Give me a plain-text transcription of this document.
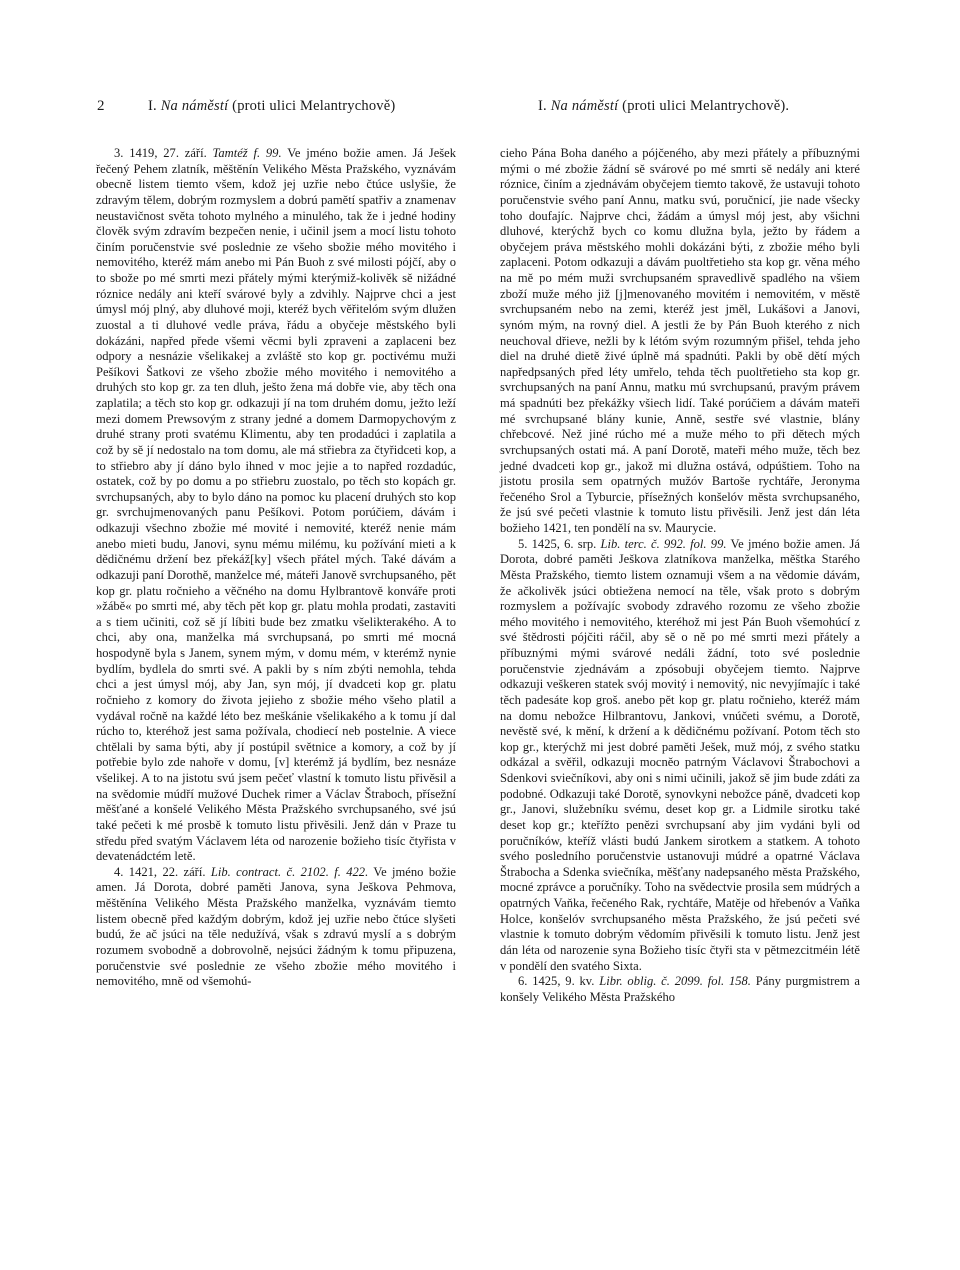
2	I. Na náměstí (proti ulici Melantrychově)	I. Na náměstí (proti ulici Melantrychově).

3. 1419, 27. září. Tamtéž f. 99. Ve jméno božie amen. Já Ješek řečený Pehem zlatník, měštěnín Velikého Města Pražského, vyznávám obecně listem tiemto všem, kdož jej uzřie nebo čtúce uslyšie, že zdravým tělem, dobrým rozmyslem a dobrú pamětí spatřiv a znamenav neustavičnost světa tohoto mylného a minulého, tak že i jedné hodiny člověk svým zdravím bezpečen nenie, i učinil jsem a mocí listu tohoto činím poručenstvie své poslednie ze všeho sbožie mého movitého i nemovitého, kteréž mám anebo mi Pán Buoh z své milosti pójčí, aby o to sbože po mé smrti mezi přátely mými kterýmiž-kolivěk sě nižádné róznice nedály ani kteří svárové byly a zdvihly. Najprve chci a jest úmysl mój plný, aby dluhové moji, kteréž bych věřitelóm svým dlužen zuostal a ti dluhové vedle práva, řádu a obyčeje městského byli dokázáni, napřed přede všemi věcmi byli zpraveni a zaplaceni bez odpory a nesnázie všelikakej a zvláště sto kop gr. poctivému muži Pešíkovi Šatkovi ze všeho zbožie mého movitého i nemovitého a druhých sto kop gr. za ten dluh, ješto žena má dobře vie, aby těch ona zaplatila; a těch sto kop gr. odkazuji jí na tom druhém domu, ježto leží mezi domem Prewsovým z strany jedné a domem Darmopychovým z druhé strany proti svatému Klimentu, aby ten prodadúci i zaplatila a což by sě jí nedostalo na tom domu, ale má střiebra za čtyřidceti kop, a to střiebro aby jí dáno bylo ihned v moc jejie a to napřed rozdadúc, ostatek, což by po domu a po střiebru zuostalo, po těch sto kopách gr. svrchupsaných, aby to bylo dáno na pomoc ku placení druhých sto kop gr. svrchujmenovaných panu Pešíkovi. Potom porúčiem, dávám i odkazuji všechno zbožie mé movité i nemovité, kteréž nenie mám anebo mieti budu, Janovi, synu mému milému, ku požívání mieti a k dědičnému držení bez překáž[ky] všech přátel mých. Také dávám a odkazuji paní Dorothě, manželce mé, máteři Janově svrchupsaného, pět kop gr. platu ročnieho a věčného na domu Hylbrantově konváře proti »žábě« po smrti mé, aby těch pět kop gr. platu mohla prodati, zastaviti a s tiem učiniti, což sě jí líbiti bude bez zmatku všelikterakého. A to chci, aby ona, manželka má svrchupsaná, po smrti mé mocná hospodyně byla s Janem, synem mým, v domu mém, v kterémž nynie bydlím, bydlela do smrti své. A pakli by s ním zbýti nemohla, tehda chci a jest úmysl mój, aby Jan, syn mój, jí dvadceti kop gr. platu ročnieho z komory do života jejieho z sbožie mého všeho platil a vydával ročně na každé léto bez meškánie všelikakého a k tomu jí dal rúcho to, kteréhož jest sama požívala, chodiecí neb postelnie. A viece chtělali by sama býti, aby jí postúpil světnice a komory, a což by jí potřebie bylo zde nahoře v domu, [v] kterémž já bydlím, bez nesnáze všelikej. A to na jistotu svú jsem pečeť vlastní k tomuto listu přivěsil a na svědomie múdří mužové Duchek rimer a Václav Štraboch, přísežní měšťané a konšelé Velikého Města Pražského svrchupsaného, své jsú také pečeti k mé prosbě k tomuto listu přivěsili. Jenž dán v Praze tu středu před svatým Václavem léta od narozenie božieho tisíc čtyřista v devatenádctém letě.

4. 1421, 22. září. Lib. contract. č. 2102. f. 422. Ve jméno božie amen. Já Dorota, dobré paměti Janova, syna Ješkova Pehmova, měštěnína Velikého Města Pražského manželka, vyznávám tiemto listem obecně před každým dobrým, kdož jej uzřie nebo čtúce slyšeti budú, že ač jsúci na těle nedužívá, však s zdravú myslí a s dobrým rozumem svobodně a dobrovolně, nejsúci žádným k tomu připuzena, poručenstvie své poslednie ze všeho zbožie mého movitého i nemovitého, mně od všemohú-

cieho Pána Boha daného a pójčeného, aby mezi přátely a příbuznými mými o mé zbožie žádní sě svárové po mé smrti sě nedály ani které róznice, činím a zjednávám obyčejem tiemto takově, že ustavuji tohoto poručenstvie svého paní Annu, matku svú, poručnicí, jie nade všecky toho doufajíc. Najprve chci, žádám a úmysl mój jest, aby všichni dluhové, kterýchž bych co komu dlužna byla, ježto by řádem a obyčejem práva městského mohli dokázáni býti, z zbožie mého byli zaplaceni. Potom odkazuji a dávám puoltřetieho sta kop gr. věna mého na mě po mém muži svrchupsaném spravedlivě spadlého na všiem zboží muže mého již [j]menovaného movitém i nemovitém, v městě svrchupsaném nebo na zemi, kteréž jest jměl, Lukášovi a Janovi, synóm mým, na rovný diel. A jestli že by Pán Buoh kterého z nich neuchoval dřieve, nežli by k létóm svým rozumným přišel, tehda jeho diel na druhé dietě živé úplně má spadnúti. Pakli by obě dětí mých napředpsaných před léty umřelo, tehda těch puoltřetieho sta kop gr. svrchupsaných na paní Annu, matku mú svrchupsanú, pravým právem má spadnúti bez překážky všiech lidí. Také porúčiem a dávám mateři mé svrchupsané blány kunie, Anně, sestře své vlastnie, blány chřebcové. Než jiné rúcho mé a muže mého to při dětech mých svrchupsaných ostati má. A paní Dorotě, mateři mého muže, těch bez jedné dvadceti kop gr., jakož mi dlužna ostává, odpúštiem. Toho na jistotu prosila sem opatrných mužóv Bartoše rychtáře, Jeronyma řečeného Srol a Tyburcie, přísežných konšelóv města svrchupsaného, že jsú své pečeti vlastnie k tomuto listu přivěsili. Jenž jest dán léta božieho 1421, ten pondělí na sv. Maurycie.

5. 1425, 6. srp. Lib. terc. č. 992. fol. 99. Ve jméno božie amen. Já Dorota, dobré paměti Ješkova zlatníkova manželka, měštka Starého Města Pražského, tiemto listem oznamuji všem a na vědomie dávám, že ačkolivěk jsúci obtiežena nemocí na těle, však proto s dobrým rozmyslem a požívajíc svobody zdravého rozomu ze všeho zbožie mého movitého i nemovitého, kteréhož mi jest Pán Buoh všemohúcí z své štědrosti pójčiti ráčil, aby sě o ně po mé smrti mezi přátely a příbuznými mými svárové nedáli žádní, toto své poslednie poručenstvie zjednávám a zpósobuji obyčejem tiemto. Najprve odkazuji veškeren statek svój movitý i nemovitý, nic nevyjímajíc i také těch padesáte kop groš. anebo pět kop gr. platu ročnieho, kteréž mám na domu nebožce Hilbrantovu, Jankovi, vnúčeti svému, a Dorotě, nevěstě své, k mění, k držení a k dědičnému požívaní. Potom těch sto kop gr., kterýchž mi jest dobré paměti Ješek, muž mój, z svého statku odkázal a svěřil, odkazuji mocněo patrným Václavovi Štrabochovi a Sdenkovi sviečníkovi, aby oni s nimi učinili, jakož sě jim bude zdáti za podobné. Odkazuji také Dorotě, synovkyni nebožce páně, dvadceti kop gr., Janovi, služebníku svému, deset kop gr. a Lidmile sirotku také deset kop gr.; kteřížto penězi svrchupsaní aby jim vydáni byli od poručníków, kteříž vlásti budú Jankem sirotkem a statkem. A tohoto svého posledního poručenstvie ustanovuji múdré a opatrné Václava Štrabocha a Sdenka sviečníka, měšťany nadepsaného města Pražského, mocné zprávce a poručníky. Toho na svědectvie prosila sem múdrých a opatrných Vaňka, řečeného Rak, rychtáře, Matěje od hřebenóv a Vaňka Holce, konšelóv svrchupsaného města Pražského, že jsú pečeti své vlastnie k tomuto dobrým vědomím přivěsili k tomuto listu. Jenž jest dán léta od narozenie syna Božieho tisíc čtyři sta v pětmezcitméin létě v pondělí den svatého Sixta.

6. 1425, 9. kv. Libr. oblig. č. 2099. fol. 158. Pány purgmistrem a konšely Velikého Města Pražského
